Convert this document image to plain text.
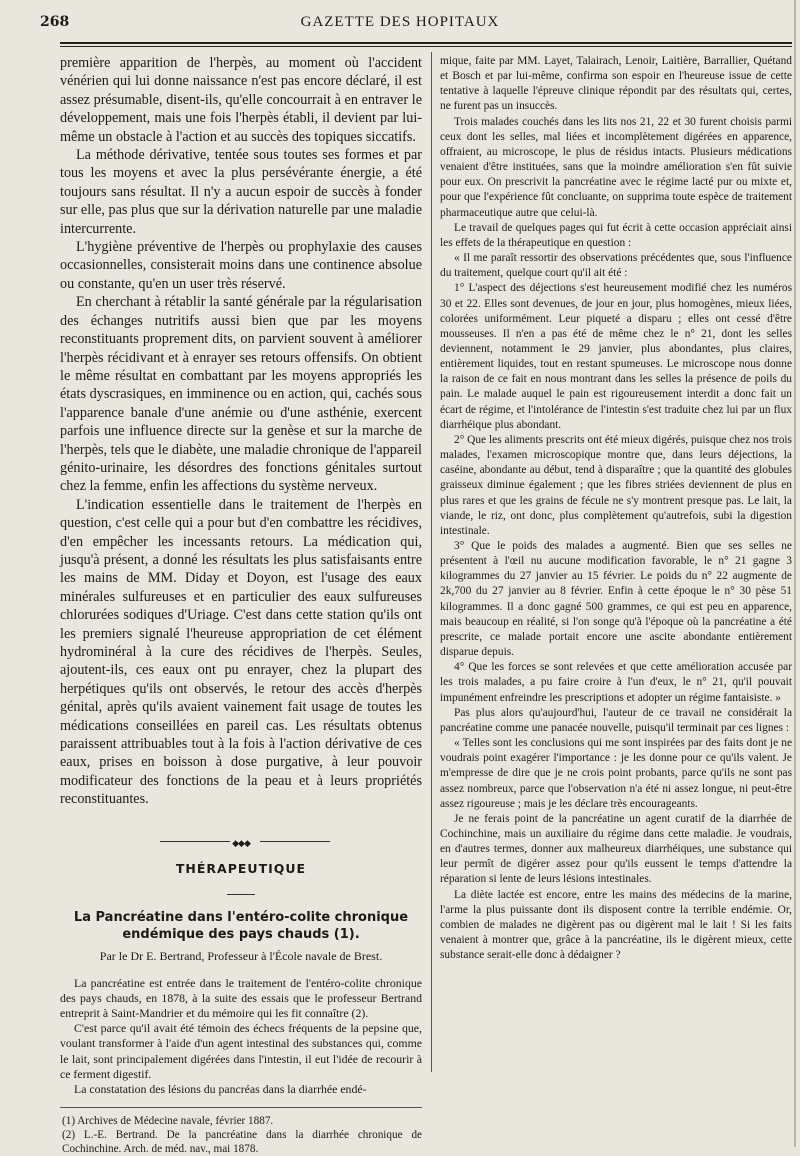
268	GAZETTE DES HOPITAUX

première apparition de l'herpès, au moment où l'accident vénérien qui lui donne naissance n'est pas encore déclaré, il est assez présumable, disent-ils, qu'elle concourrait à en entraver le développement, mais une fois l'herpès établi, il devient par lui-même un obstacle à l'action et au succès des topiques siccatifs.

La méthode dérivative, tentée sous toutes ses formes et par tous les moyens et avec la plus persévérante énergie, a été toujours sans résultat. Il n'y a aucun espoir de succès à fonder sur elle, pas plus que sur la dérivation naturelle par une maladie intercurrente.

L'hygiène préventive de l'herpès ou prophylaxie des causes occasionnelles, consisterait moins dans une continence absolue ou constante, qu'en un user très réservé.

En cherchant à rétablir la santé générale par la régularisation des échanges nutritifs aussi bien que par les moyens reconstituants proprement dits, on parvient souvent à améliorer l'herpès récidivant et à enrayer ses retours offensifs. On obtient le même résultat en combattant par les moyens appropriés les états dyscrasiques, en imminence ou en action, qui, cachés sous l'apparence banale d'une anémie ou d'une asthénie, exercent parfois une influence directe sur la genèse et sur la marche de l'herpès, tels que le diabète, une maladie chronique de l'appareil génito-urinaire, les désordres des fonctions génitales surtout chez la femme, enfin les affections du système nerveux.

L'indication essentielle dans le traitement de l'herpès en question, c'est celle qui a pour but d'en combattre les récidives, d'en empêcher les incessants retours. La médication qui, jusqu'à présent, a donné les résultats les plus satisfaisants entre les mains de MM. Diday et Doyon, est l'usage des eaux minérales sulfureuses et en particulier des eaux sulfureuses chlorurées sodiques d'Uriage. C'est dans cette station qu'ils ont les premiers signalé l'heureuse appropriation de cet élément hydrominéral à la cure des récidives de l'herpès. Seules, ajoutent-ils, ces eaux ont pu enrayer, chez la plupart des herpétiques qu'ils ont observés, le retour des accès d'herpès génital, après qu'ils avaient vainement fait usage de toutes les médications conseillées en pareil cas. Les résultats obtenus paraissent attribuables tout à la fois à l'action dérivative de ces eaux, prises en boisson à dose purgative, à leur pouvoir modificateur des fonctions de la peau et à leurs propriétés reconstituantes.

◆◆◆
THÉRAPEUTIQUE
La Pancréatine dans l'entéro-colite chronique endémique des pays chauds (1).
Par le Dr E. Bertrand, Professeur à l'École navale de Brest.

La pancréatine est entrée dans le traitement de l'entéro-colite chronique des pays chauds, en 1878, à la suite des essais que le professeur Bertrand entreprit à Saint-Mandrier et du mémoire qui les fit connaître (2).

C'est parce qu'il avait été témoin des échecs fréquents de la pepsine que, voulant transformer à l'aide d'un agent intestinal des substances qui, comme le lait, sont principalement digérées dans l'intestin, il eut l'idée de recourir à ce ferment digestif.

La constatation des lésions du pancréas dans la diarrhée endé-

(1) Archives de Médecine navale, février 1887.

(2) L.-E. Bertrand. De la pancréatine dans la diarrhée chronique de Cochinchine. Arch. de méd. nav., mai 1878.

mique, faite par MM. Layet, Talairach, Lenoir, Laitière, Barrallier, Quétand et Bosch et par lui-même, confirma son espoir en l'heureuse issue de cette tentative à laquelle l'épreuve clinique répondit par des résultats qui, certes, ne furent pas un insuccès.

Trois malades couchés dans les lits nos 21, 22 et 30 furent choisis parmi ceux dont les selles, mal liées et incomplètement digérées en apparence, offraient, au microscope, le plus de résidus intacts. Plusieurs médications venaient d'être instituées, sans que la moindre amélioration s'en fût suivie pour eux. On prescrivit la pancréatine avec le régime lacté pur ou mixte et, pour que l'expérience fût concluante, on supprima toute espèce de traitement pharmaceutique autre que celui-là.

Le travail de quelques pages qui fut écrit à cette occasion appréciait ainsi les effets de la thérapeutique en question :

« Il me paraît ressortir des observations précédentes que, sous l'influence du traitement, quelque court qu'il ait été :

1° L'aspect des déjections s'est heureusement modifié chez les numéros 30 et 22. Elles sont devenues, de jour en jour, plus homogènes, mieux liées, colorées uniformément. Leur piqueté a disparu ; elles ont cessé d'être mousseuses. Il n'en a pas été de même chez le n° 21, dont les selles deviennent, notamment le 29 janvier, plus abondantes, plus claires, entièrement liquides, tout en restant spumeuses. Le microscope nous donne la raison de ce fait en nous montrant dans les selles la présence de poils du pain. Le malade auquel le pain est rigoureusement interdit a donc fait un écart de régime, et l'intolérance de l'intestin s'est traduite chez lui par un flux diarrhéique plus abondant.

2° Que les aliments prescrits ont été mieux digérés, puisque chez nos trois malades, l'examen microscopique montre que, dans leurs déjections, la caséine, abondante au début, tend à disparaître ; que la quantité des globules graisseux diminue également ; que les fibres striées deviennent de plus en plus rares et que les grains de fécule ne s'y montrent presque pas. Le lait, la viande, le riz, ont donc, plus complètement qu'autrefois, subi la digestion intestinale.

3° Que le poids des malades a augmenté. Bien que ses selles ne présentent à l'œil nu aucune modification favorable, le n° 21 gagne 3 kilogrammes du 27 janvier au 15 février. Le poids du n° 22 augmente de 2k,700 du 27 janvier au 8 février. Enfin à cette époque le n° 30 pèse 51 kilogrammes. Il a donc gagné 500 grammes, ce qui est peu en apparence, mais beaucoup en réalité, si l'on songe qu'à l'époque où la pancréatine a été prescrite, ce malade portait encore une ascite abondante entièrement disparue depuis.

4° Que les forces se sont relevées et que cette amélioration accusée par les trois malades, a pu faire croire à l'un d'eux, le n° 21, qu'il pouvait impunément enfreindre les prescriptions et adopter un régime fantaisiste. »

Pas plus alors qu'aujourd'hui, l'auteur de ce travail ne considérait la pancréatine comme une panacée nouvelle, puisqu'il terminait par ces lignes :

« Telles sont les conclusions qui me sont inspirées par des faits dont je ne voudrais point exagérer l'importance : je les donne pour ce qu'ils valent. Je m'empresse de dire que je ne crois point probants, parce qu'ils ne sont pas assez nombreux, parce que l'observation n'a été ni assez longue, ni peut-être assez rigoureuse ; mais je les déclare très encourageants.

Je ne ferais point de la pancréatine un agent curatif de la diarrhée de Cochinchine, mais un auxiliaire du régime dans cette maladie. Je voudrais, en d'autres termes, donner aux malheureux diarrhéiques, une substance qui leur permît de digérer assez pour qu'ils eussent le temps d'attendre la réparation si lente de leurs lésions intestinales.

La diète lactée est encore, entre les mains des médecins de la marine, l'arme la plus puissante dont ils disposent contre la terrible endémie. Or, combien de malades ne digèrent pas ou digèrent mal le lait ! Si les faits venaient à montrer que, grâce à la pancréatine, ils le digèrent mieux, cette substance serait-elle donc à dédaigner ?
